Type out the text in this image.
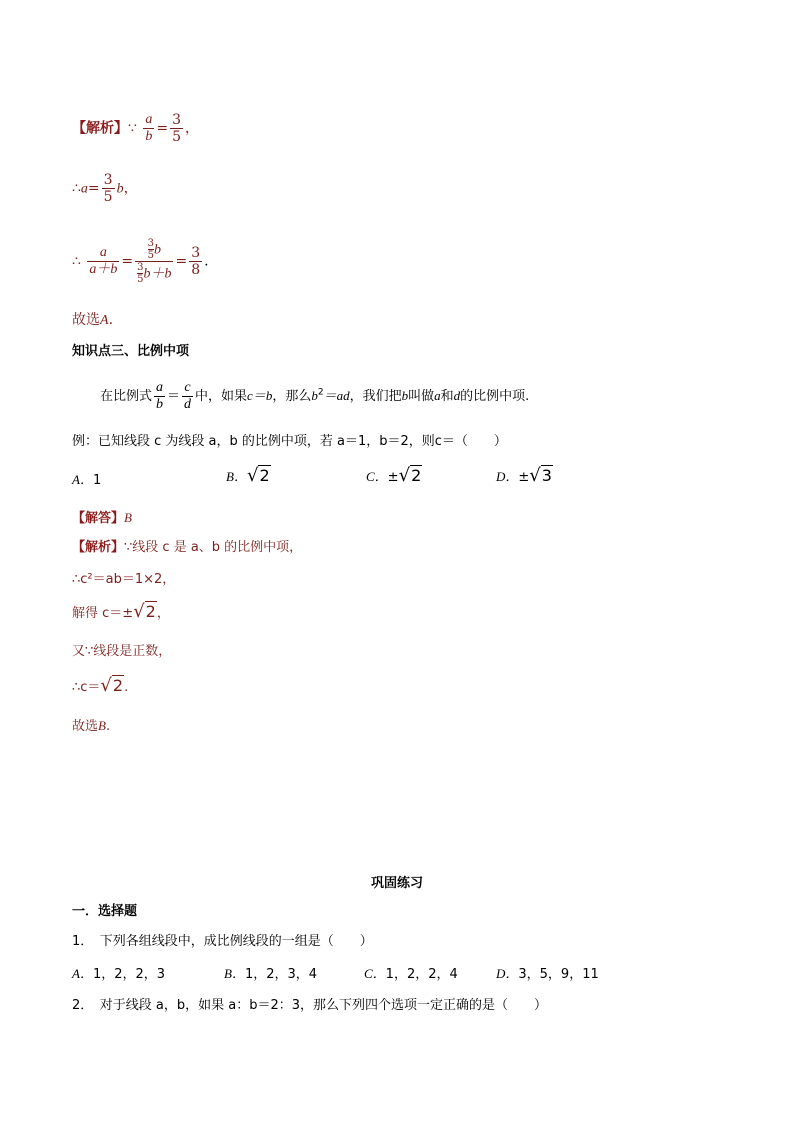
【解析】∵ $\frac{a}{b} = \frac{3}{5}$ ，
∴a= $\frac{3}{5}$ b，
∴ $\frac{a}{a+b} = \frac{\frac{3}{5} b}{\frac{3}{5} b+b} = \frac{3}{8}$ .
故选A.
知识点三、比例中项
在比例式 $\frac{a}{b} = \frac{c}{d}$ 中，如果c＝b，那么$b^2=ad$，我们把b叫做a和d的比例中项.
例：已知线段 c 为线段 a，b 的比例中项，若 a＝1，b＝2，则c＝（　　）
A．1	B．√2	C．±√2	D．±√3
【解答】B
【解析】∵线段 c 是 a、b 的比例中项，
∴c²＝ab＝1×2，
解得 c＝±√2，
又∵线段是正数，
∴c＝√2.
故选B.
巩固练习
一．选择题
1．　下列各组线段中，成比例线段的一组是（　　）
A．1，2，2，3	B．1，2，3，4	C．1，2，2，4	D．3，5，9，11
2．　对于线段 a，b，如果 a：b＝2：3，那么下列四个选项一定正确的是（　　）
